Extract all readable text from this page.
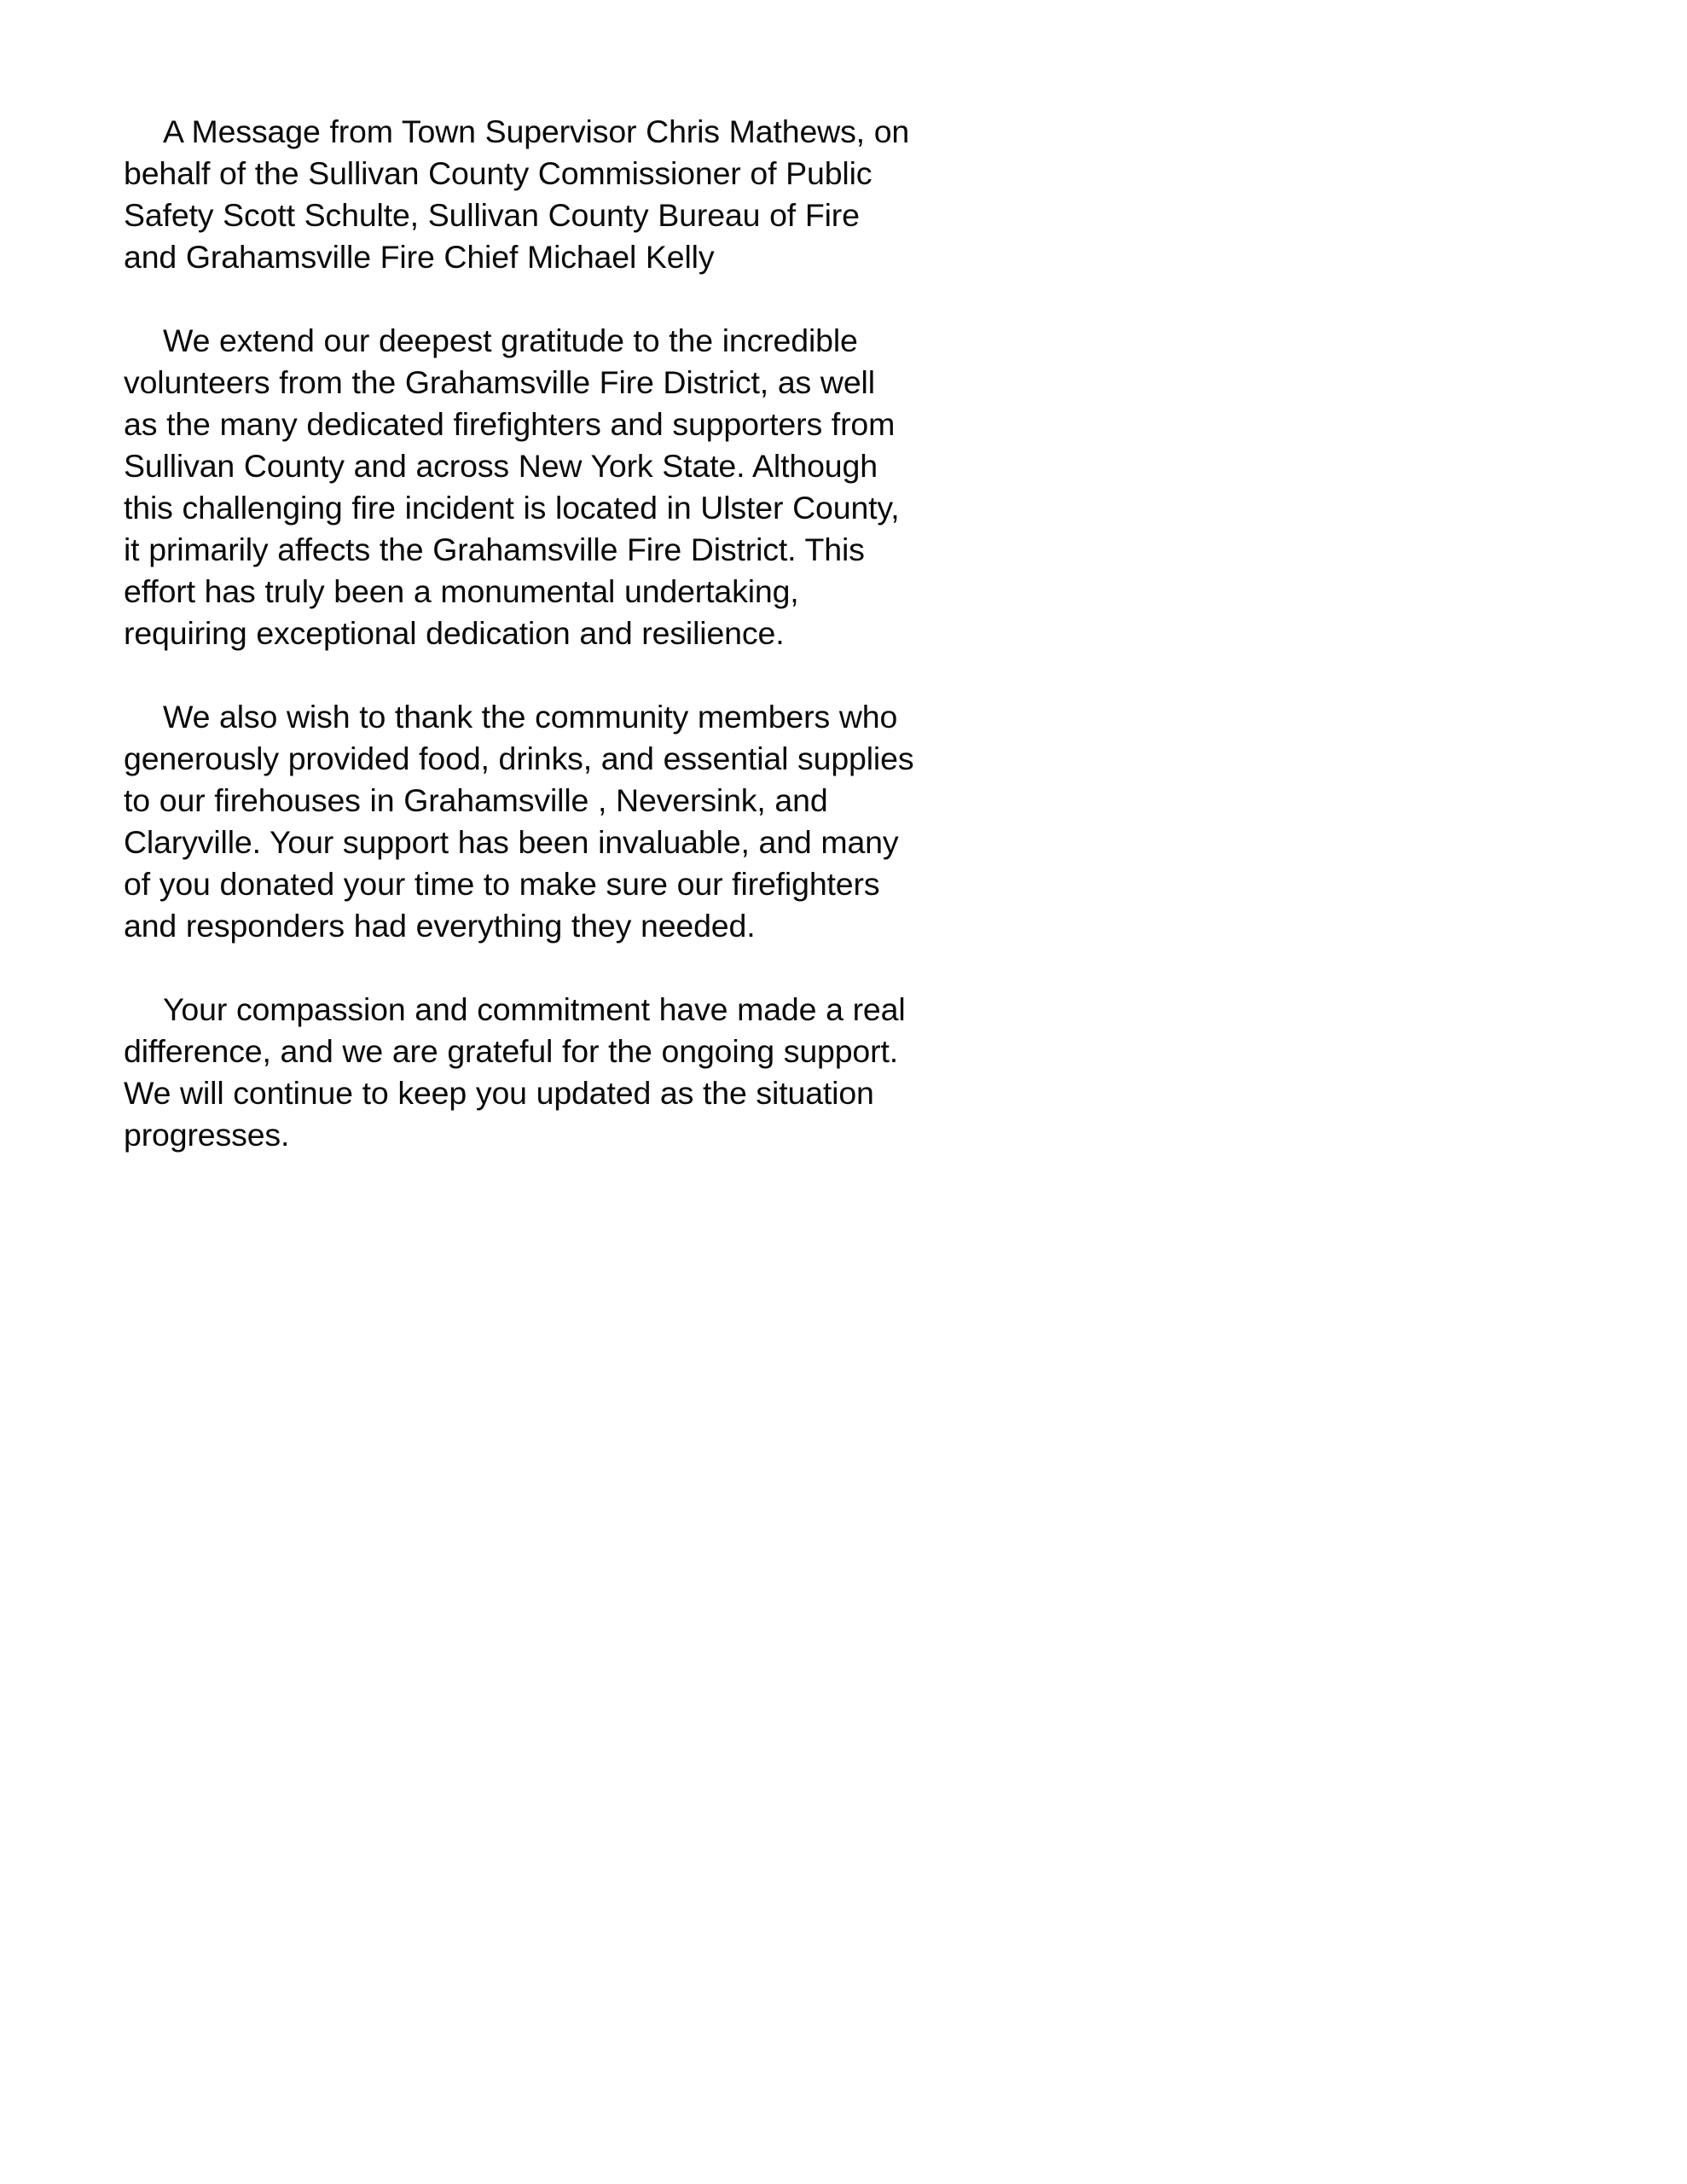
A Message from Town Supervisor Chris Mathews, on behalf of the Sullivan County Commissioner of Public Safety Scott Schulte, Sullivan County Bureau of Fire and Grahamsville Fire Chief Michael Kelly

We extend our deepest gratitude to the incredible volunteers from the Grahamsville Fire District, as well as the many dedicated firefighters and supporters from Sullivan County and across New York State. Although this challenging fire incident is located in Ulster County, it primarily affects the Grahamsville Fire District. This effort has truly been a monumental undertaking, requiring exceptional dedication and resilience.

We also wish to thank the community members who generously provided food, drinks, and essential supplies to our firehouses in Grahamsville , Neversink, and Claryville. Your support has been invaluable, and many of you donated your time to make sure our firefighters and responders had everything they needed.

Your compassion and commitment have made a real difference, and we are grateful for the ongoing support. We will continue to keep you updated as the situation progresses.
